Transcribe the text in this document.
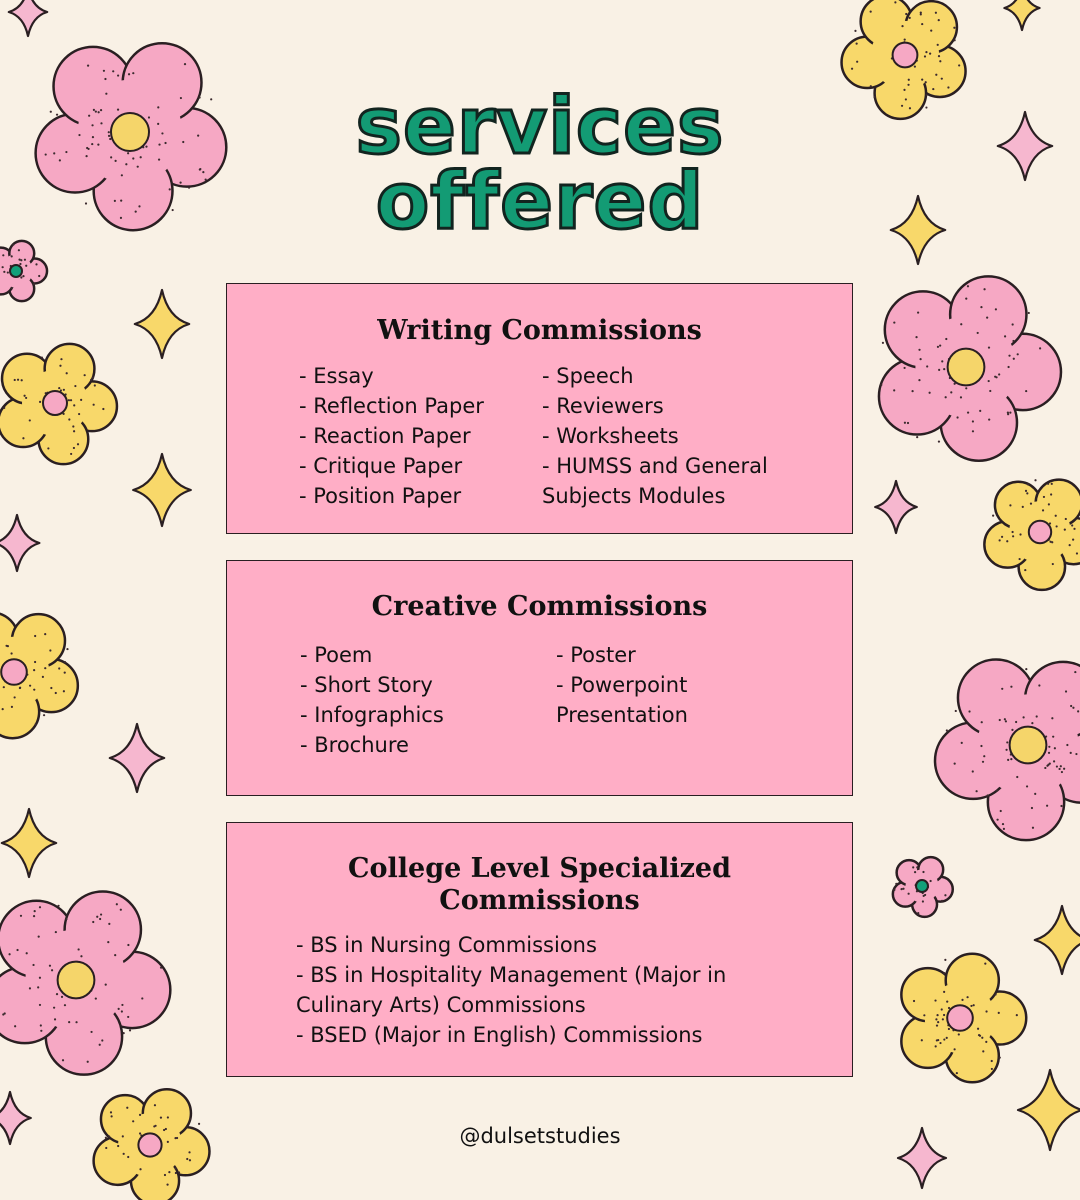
services
offered
Writing Commissions
- Essay
- Reflection Paper
- Reaction Paper
- Critique Paper
- Position Paper
- Speech
- Reviewers
- Worksheets
- HUMSS and General
Subjects Modules
Creative Commissions
- Poem
- Short Story
- Infographics
- Brochure
- Poster
- Powerpoint
Presentation
College Level Specialized
Commissions
- BS in Nursing Commissions
- BS in Hospitality Management (Major in
Culinary Arts) Commissions
- BSED (Major in English) Commissions
@dulsetstudies
